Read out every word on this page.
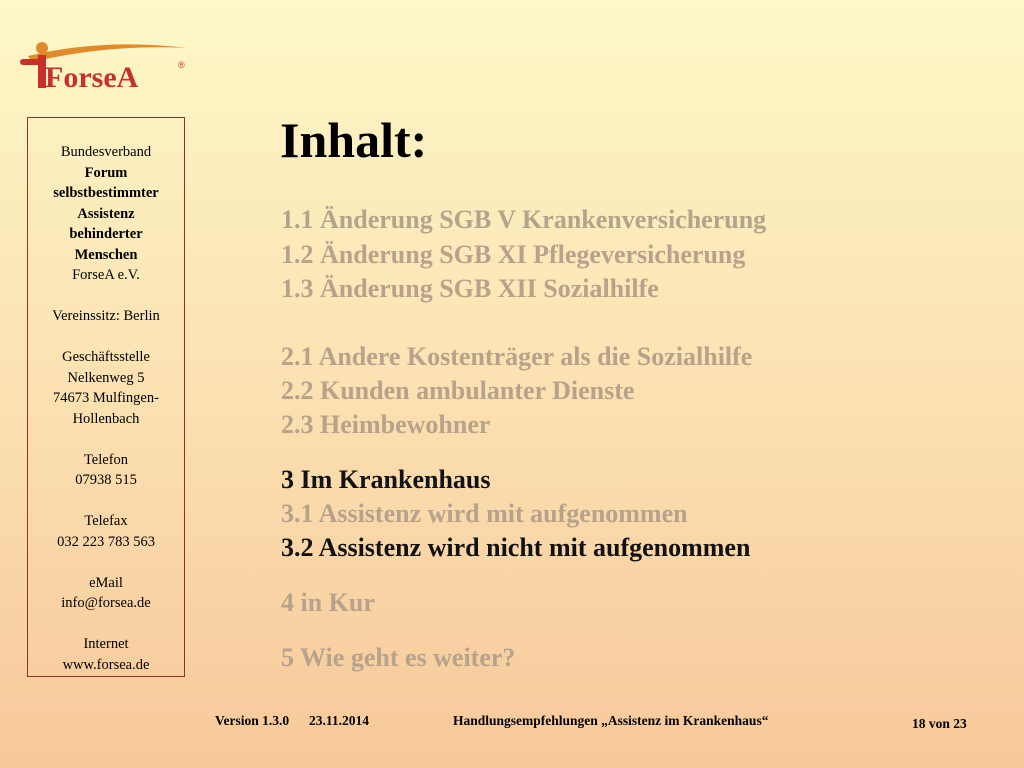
ForseA	®
Bundesverband
Forum
selbstbestimmter
Assistenz
behinderter
Menschen
ForseA e.V.
Vereinssitz: Berlin
Geschäftsstelle
Nelkenweg 5
74673 Mulfingen-
Hollenbach
Telefon
07938 515
Telefax
032 223 783 563
eMail
info@forsea.de
Internet
www.forsea.de
Inhalt:
1.1 Änderung SGB V Krankenversicherung
1.2 Änderung SGB XI Pflegeversicherung
1.3 Änderung SGB XII Sozialhilfe
2.1 Andere Kostenträger als die Sozialhilfe
2.2 Kunden ambulanter Dienste
2.3 Heimbewohner
3 Im Krankenhaus
3.1 Assistenz wird mit aufgenommen
3.2 Assistenz wird nicht mit aufgenommen
4 in Kur
5 Wie geht es weiter?
Version 1.3.0 23.11.2014	Handlungsempfehlungen „Assistenz im Krankenhaus“	18 von 23
